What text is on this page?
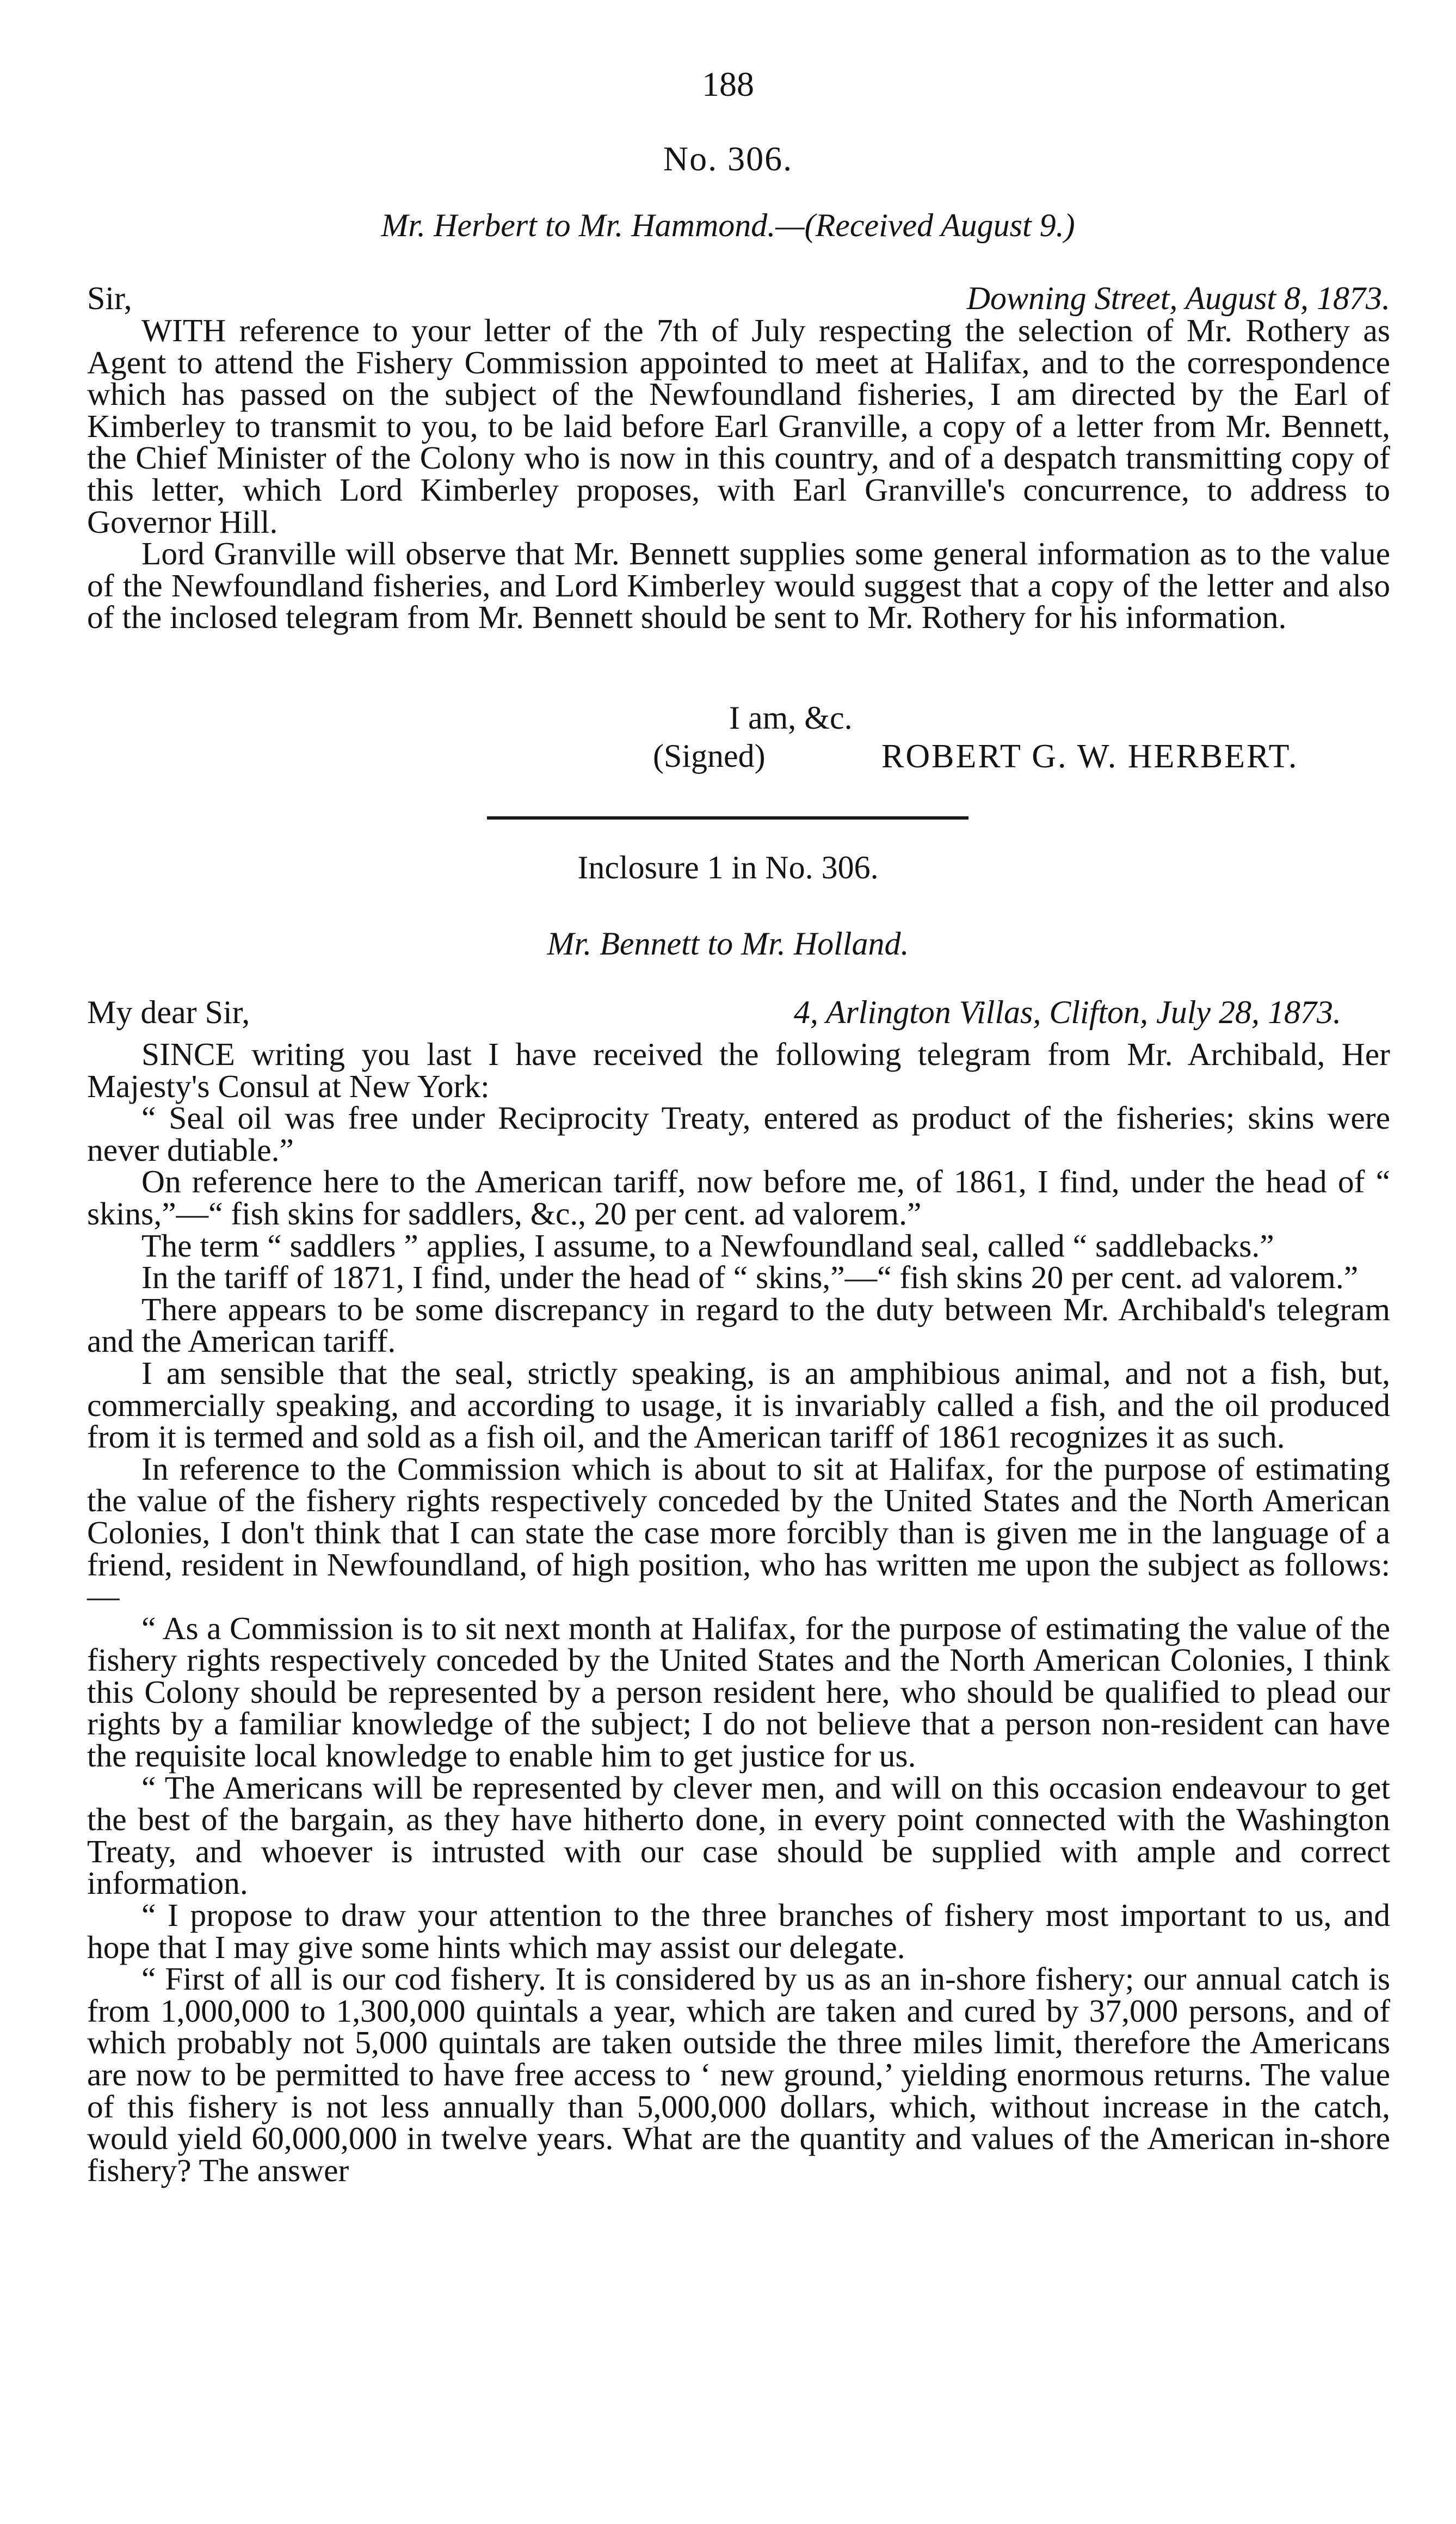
188
No. 306.
Mr. Herbert to Mr. Hammond.—(Received August 9.)
Sir,	Downing Street, August 8, 1873.

WITH reference to your letter of the 7th of July respecting the selection of Mr. Rothery as Agent to attend the Fishery Commission appointed to meet at Halifax, and to the correspondence which has passed on the subject of the Newfoundland fisheries, I am directed by the Earl of Kimberley to transmit to you, to be laid before Earl Granville, a copy of a letter from Mr. Bennett, the Chief Minister of the Colony who is now in this country, and of a despatch transmitting copy of this letter, which Lord Kimberley proposes, with Earl Granville's concurrence, to address to Governor Hill.

Lord Granville will observe that Mr. Bennett supplies some general information as to the value of the Newfoundland fisheries, and Lord Kimberley would suggest that a copy of the letter and also of the inclosed telegram from Mr. Bennett should be sent to Mr. Rothery for his information.

I am, &c.
(Signed)	ROBERT G. W. HERBERT.
Inclosure 1 in No. 306.
Mr. Bennett to Mr. Holland.
My dear Sir,	4, Arlington Villas, Clifton, July 28, 1873.

SINCE writing you last I have received the following telegram from Mr. Archibald, Her Majesty's Consul at New York:

“ Seal oil was free under Reciprocity Treaty, entered as product of the fisheries; skins were never dutiable.”

On reference here to the American tariff, now before me, of 1861, I find, under the head of “ skins,”—“ fish skins for saddlers, &c., 20 per cent. ad valorem.”

The term “ saddlers ” applies, I assume, to a Newfoundland seal, called “ saddlebacks.”

In the tariff of 1871, I find, under the head of “ skins,”—“ fish skins 20 per cent. ad valorem.”

There appears to be some discrepancy in regard to the duty between Mr. Archibald's telegram and the American tariff.

I am sensible that the seal, strictly speaking, is an amphibious animal, and not a fish, but, commercially speaking, and according to usage, it is invariably called a fish, and the oil produced from it is termed and sold as a fish oil, and the American tariff of 1861 recognizes it as such.

In reference to the Commission which is about to sit at Halifax, for the purpose of estimating the value of the fishery rights respectively conceded by the United States and the North American Colonies, I don't think that I can state the case more forcibly than is given me in the language of a friend, resident in Newfoundland, of high position, who has written me upon the subject as follows:—

“ As a Commission is to sit next month at Halifax, for the purpose of estimating the value of the fishery rights respectively conceded by the United States and the North American Colonies, I think this Colony should be represented by a person resident here, who should be qualified to plead our rights by a familiar knowledge of the subject; I do not believe that a person non-resident can have the requisite local knowledge to enable him to get justice for us.

“ The Americans will be represented by clever men, and will on this occasion endeavour to get the best of the bargain, as they have hitherto done, in every point connected with the Washington Treaty, and whoever is intrusted with our case should be supplied with ample and correct information.

“ I propose to draw your attention to the three branches of fishery most important to us, and hope that I may give some hints which may assist our delegate.

“ First of all is our cod fishery. It is considered by us as an in-shore fishery; our annual catch is from 1,000,000 to 1,300,000 quintals a year, which are taken and cured by 37,000 persons, and of which probably not 5,000 quintals are taken outside the three miles limit, therefore the Americans are now to be permitted to have free access to ‘ new ground,’ yielding enormous returns. The value of this fishery is not less annually than 5,000,000 dollars, which, without increase in the catch, would yield 60,000,000 in twelve years. What are the quantity and values of the American in-shore fishery? The answer
